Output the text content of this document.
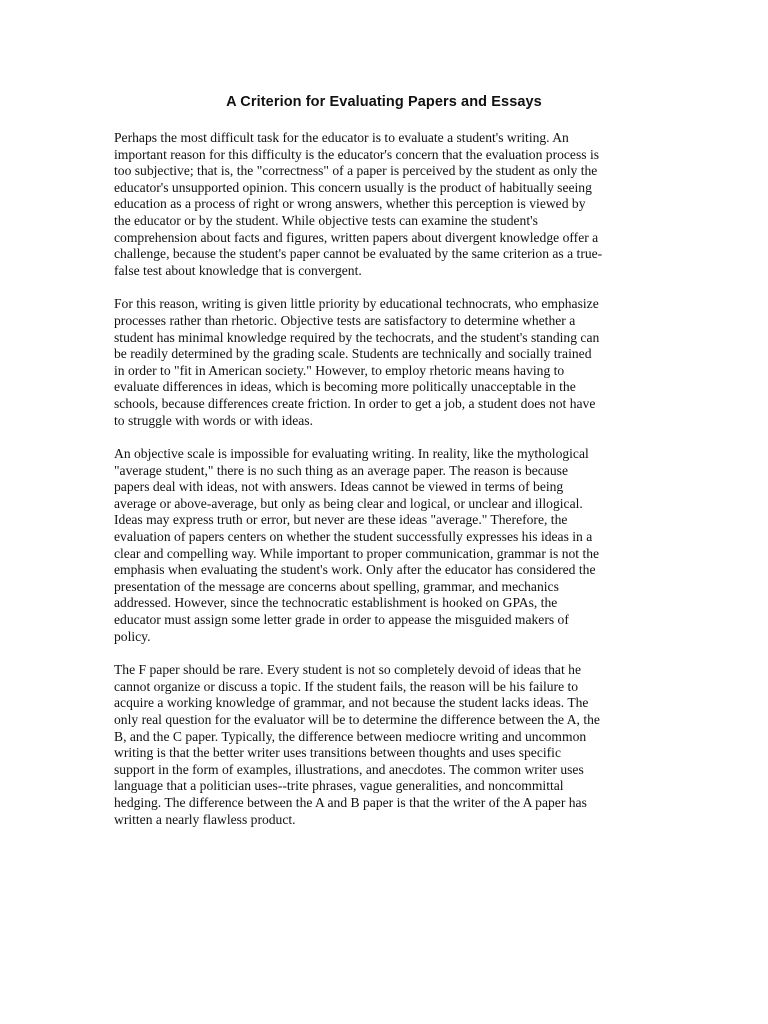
A Criterion for Evaluating Papers and Essays

Perhaps the most difficult task for the educator is to evaluate a student's writing. An
important reason for this difficulty is the educator's concern that the evaluation process is
too subjective; that is, the "correctness" of a paper is perceived by the student as only the
educator's unsupported opinion. This concern usually is the product of habitually seeing
education as a process of right or wrong answers, whether this perception is viewed by
the educator or by the student. While objective tests can examine the student's
comprehension about facts and figures, written papers about divergent knowledge offer a
challenge, because the student's paper cannot be evaluated by the same criterion as a true-
false test about knowledge that is convergent.

For this reason, writing is given little priority by educational technocrats, who emphasize
processes rather than rhetoric. Objective tests are satisfactory to determine whether a
student has minimal knowledge required by the techocrats, and the student's standing can
be readily determined by the grading scale. Students are technically and socially trained
in order to "fit in American society." However, to employ rhetoric means having to
evaluate differences in ideas, which is becoming more politically unacceptable in the
schools, because differences create friction. In order to get a job, a student does not have
to struggle with words or with ideas.

An objective scale is impossible for evaluating writing. In reality, like the mythological
"average student," there is no such thing as an average paper. The reason is because
papers deal with ideas, not with answers. Ideas cannot be viewed in terms of being
average or above-average, but only as being clear and logical, or unclear and illogical.
Ideas may express truth or error, but never are these ideas "average." Therefore, the
evaluation of papers centers on whether the student successfully expresses his ideas in a
clear and compelling way. While important to proper communication, grammar is not the
emphasis when evaluating the student's work. Only after the educator has considered the
presentation of the message are concerns about spelling, grammar, and mechanics
addressed. However, since the technocratic establishment is hooked on GPAs, the
educator must assign some letter grade in order to appease the misguided makers of
policy.

The F paper should be rare. Every student is not so completely devoid of ideas that he
cannot organize or discuss a topic. If the student fails, the reason will be his failure to
acquire a working knowledge of grammar, and not because the student lacks ideas. The
only real question for the evaluator will be to determine the difference between the A, the
B, and the C paper. Typically, the difference between mediocre writing and uncommon
writing is that the better writer uses transitions between thoughts and uses specific
support in the form of examples, illustrations, and anecdotes. The common writer uses
language that a politician uses--trite phrases, vague generalities, and noncommittal
hedging. The difference between the A and B paper is that the writer of the A paper has
written a nearly flawless product.
